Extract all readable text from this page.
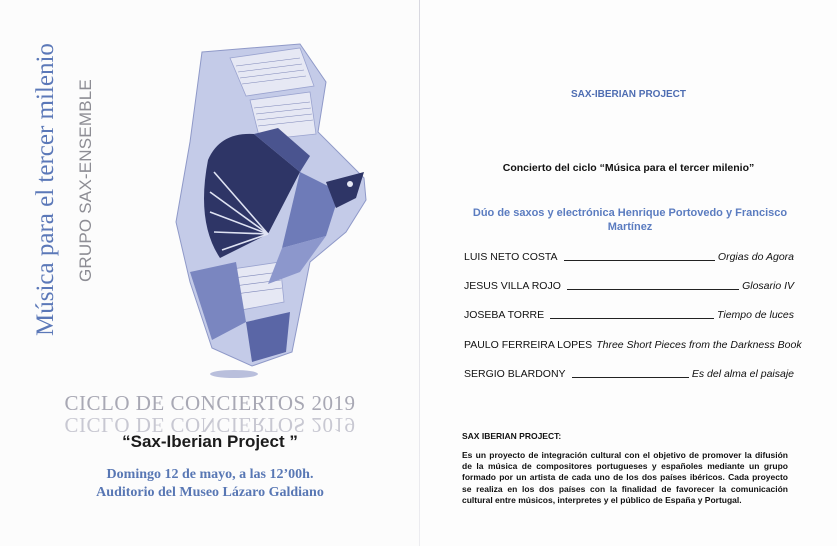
Música para el tercer milenio	GRUPO SAX-ENSEMBLE
CICLO DE CONCIERTOS 2019
CICLO DE CONCIERTOS 2019
“Sax-Iberian Project ”
Domingo 12 de mayo, a las 12’00h.
Auditorio del Museo Lázaro Galdiano
SAX-IBERIAN PROJECT
Concierto del ciclo “Música para el tercer milenio”
Dúo de saxos y electrónica Henrique Portovedo y Francisco Martínez
LUIS NETO COSTA	Orgias do Agora
JESUS VILLA ROJO	Glosario IV
JOSEBA TORRE	Tiempo de luces
PAULO FERREIRA LOPES Three Short Pieces from the Darkness Book
SERGIO BLARDONY	Es del alma el paisaje
SAX IBERIAN PROJECT:
Es un proyecto de integración cultural con el objetivo de promover la difusión de la música de compositores portugueses y españoles mediante un grupo formado por un artista de cada uno de los dos países ibéricos. Cada proyecto se realiza en los dos países con la finalidad de favorecer la comunicación cultural entre músicos, interpretes y el público de España y Portugal.
